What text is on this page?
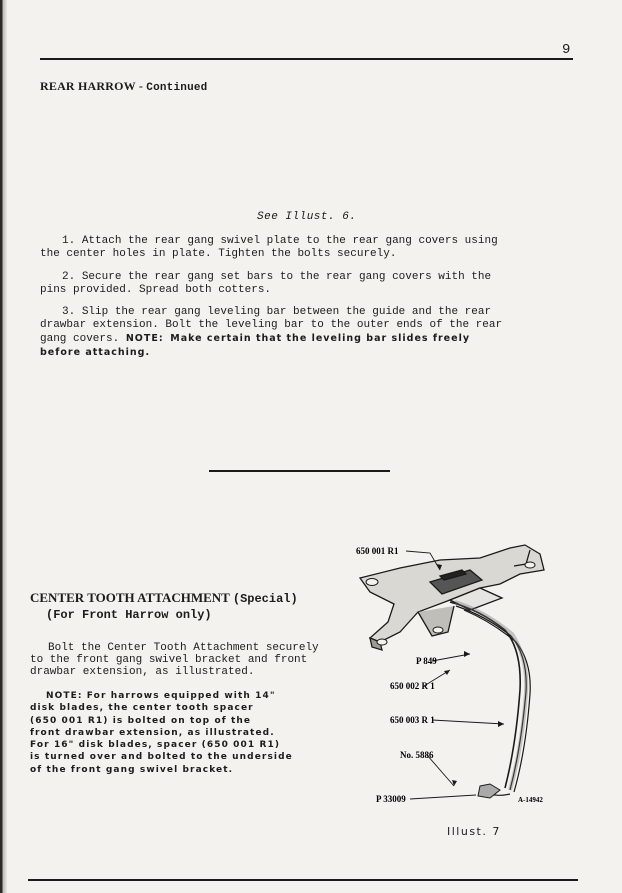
9
REAR HARROW - Continued
See Illust. 6.

1. Attach the rear gang swivel plate to the rear gang covers using

the center holes in plate. Tighten the bolts securely.

2. Secure the rear gang set bars to the rear gang covers with the

pins provided. Spread both cotters.

3. Slip the rear gang leveling bar between the guide and the rear

drawbar extension. Bolt the leveling bar to the outer ends of the rear

gang covers. NOTE: Make certain that the leveling bar slides freely

before attaching.

CENTER TOOTH ATTACHMENT (Special)
(For Front Harrow only)
Bolt the Center Tooth Attachment securely
to the front gang swivel bracket and front
drawbar extension, as illustrated.
NOTE: For harrows equipped with 14"
disk blades, the center tooth spacer
(650 001 R1) is bolted on top of the
front drawbar extension, as illustrated.
For 16" disk blades, spacer (650 001 R1)
is turned over and bolted to the underside
of the front gang swivel bracket.
650 001 R1
P 849
650 002 R 1
650 003 R 1
No. 5886
P 33009	A-14942
Illust. 7
